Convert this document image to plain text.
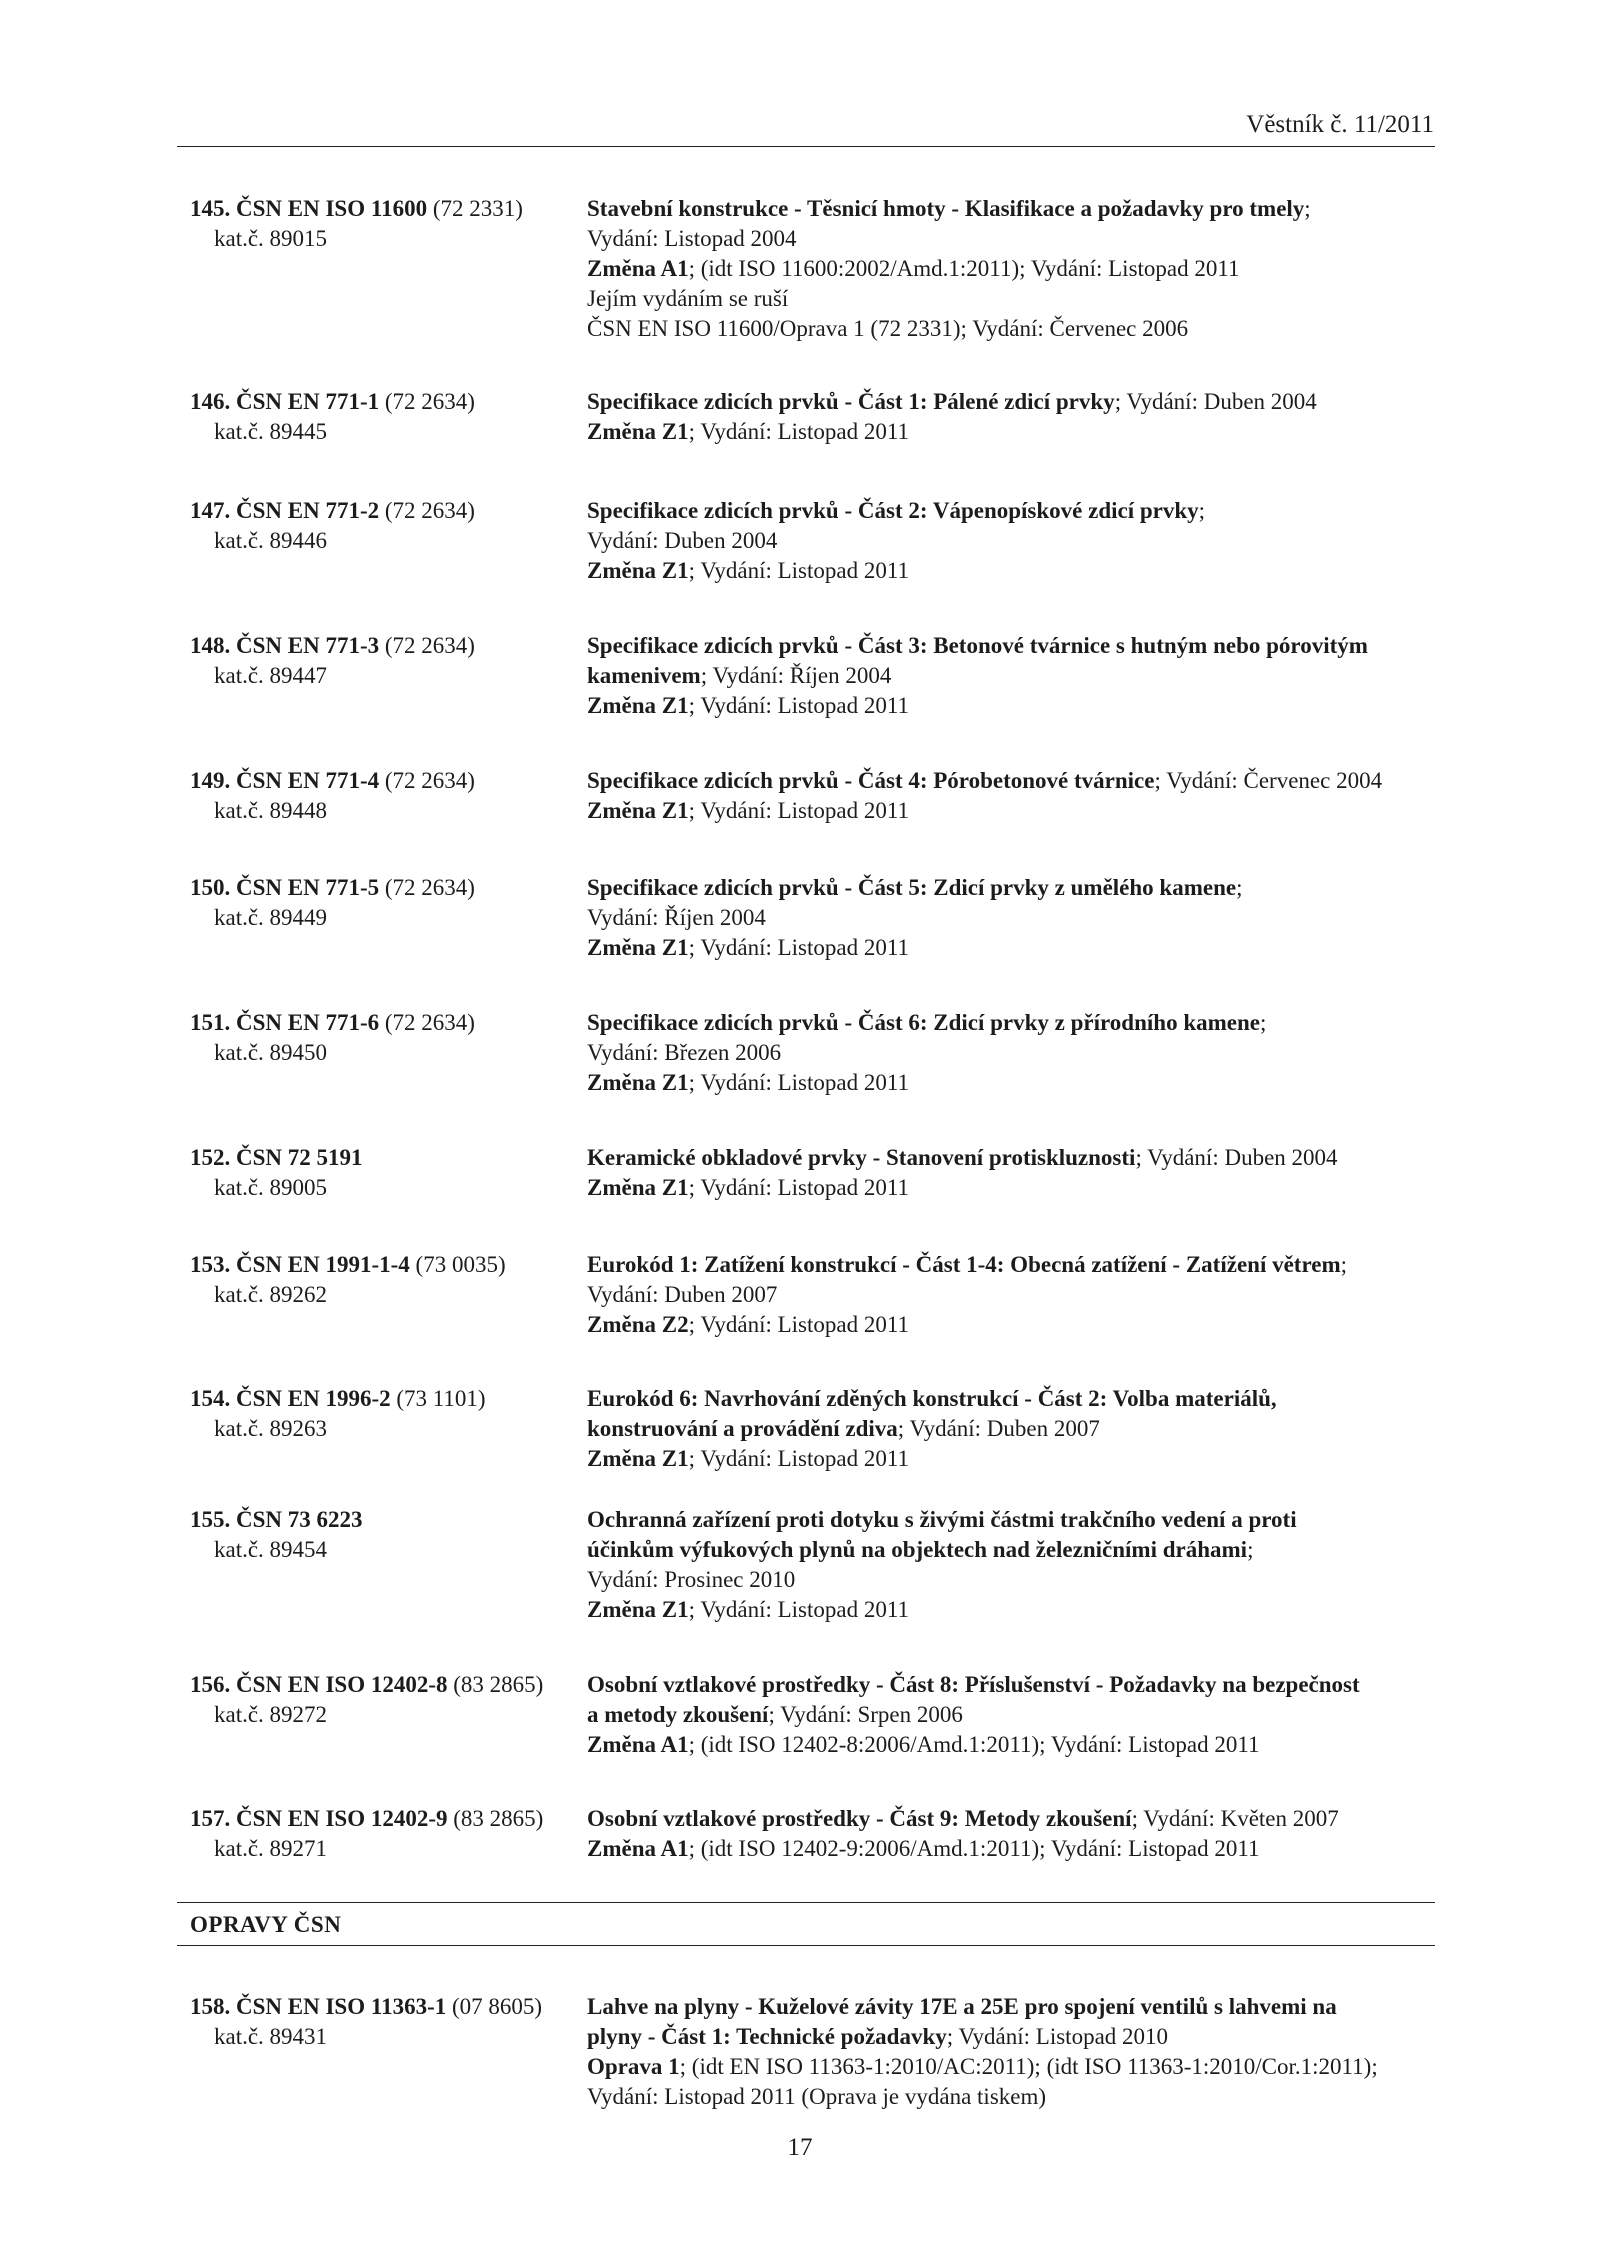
Věstník č. 11/2011
145. ČSN EN ISO 11600 (72 2331)
kat.č. 89015
Stavební konstrukce - Těsnicí hmoty - Klasifikace a požadavky pro tmely;
Vydání: Listopad 2004
Změna A1; (idt ISO 11600:2002/Amd.1:2011); Vydání: Listopad 2011
Jejím vydáním se ruší
ČSN EN ISO 11600/Oprava 1 (72 2331); Vydání: Červenec 2006
146. ČSN EN 771-1 (72 2634)
kat.č. 89445
Specifikace zdicích prvků - Část 1: Pálené zdicí prvky; Vydání: Duben 2004
Změna Z1; Vydání: Listopad 2011
147. ČSN EN 771-2 (72 2634)
kat.č. 89446
Specifikace zdicích prvků - Část 2: Vápenopískové zdicí prvky;
Vydání: Duben 2004
Změna Z1; Vydání: Listopad 2011
148. ČSN EN 771-3 (72 2634)
kat.č. 89447
Specifikace zdicích prvků - Část 3: Betonové tvárnice s hutným nebo pórovitým
kamenivem; Vydání: Říjen 2004
Změna Z1; Vydání: Listopad 2011
149. ČSN EN 771-4 (72 2634)
kat.č. 89448
Specifikace zdicích prvků - Část 4: Pórobetonové tvárnice; Vydání: Červenec 2004
Změna Z1; Vydání: Listopad 2011
150. ČSN EN 771-5 (72 2634)
kat.č. 89449
Specifikace zdicích prvků - Část 5: Zdicí prvky z umělého kamene;
Vydání: Říjen 2004
Změna Z1; Vydání: Listopad 2011
151. ČSN EN 771-6 (72 2634)
kat.č. 89450
Specifikace zdicích prvků - Část 6: Zdicí prvky z přírodního kamene;
Vydání: Březen 2006
Změna Z1; Vydání: Listopad 2011
152. ČSN 72 5191
kat.č. 89005
Keramické obkladové prvky - Stanovení protiskluznosti; Vydání: Duben 2004
Změna Z1; Vydání: Listopad 2011
153. ČSN EN 1991-1-4 (73 0035)
kat.č. 89262
Eurokód 1: Zatížení konstrukcí - Část 1-4: Obecná zatížení - Zatížení větrem;
Vydání: Duben 2007
Změna Z2; Vydání: Listopad 2011
154. ČSN EN 1996-2 (73 1101)
kat.č. 89263
Eurokód 6: Navrhování zděných konstrukcí - Část 2: Volba materiálů,
konstruování a provádění zdiva; Vydání: Duben 2007
Změna Z1; Vydání: Listopad 2011
155. ČSN 73 6223
kat.č. 89454
Ochranná zařízení proti dotyku s živými částmi trakčního vedení a proti
účinkům výfukových plynů na objektech nad železničními dráhami;
Vydání: Prosinec 2010
Změna Z1; Vydání: Listopad 2011
156. ČSN EN ISO 12402-8 (83 2865)
kat.č. 89272
Osobní vztlakové prostředky - Část 8: Příslušenství - Požadavky na bezpečnost
a metody zkoušení; Vydání: Srpen 2006
Změna A1; (idt ISO 12402-8:2006/Amd.1:2011); Vydání: Listopad 2011
157. ČSN EN ISO 12402-9 (83 2865)
kat.č. 89271
Osobní vztlakové prostředky - Část 9: Metody zkoušení; Vydání: Květen 2007
Změna A1; (idt ISO 12402-9:2006/Amd.1:2011); Vydání: Listopad 2011
OPRAVY ČSN
158. ČSN EN ISO 11363-1 (07 8605)
kat.č. 89431
Lahve na plyny - Kuželové závity 17E a 25E pro spojení ventilů s lahvemi na
plyny - Část 1: Technické požadavky; Vydání: Listopad 2010
Oprava 1; (idt EN ISO 11363-1:2010/AC:2011); (idt ISO 11363-1:2010/Cor.1:2011);
Vydání: Listopad 2011 (Oprava je vydána tiskem)
17
